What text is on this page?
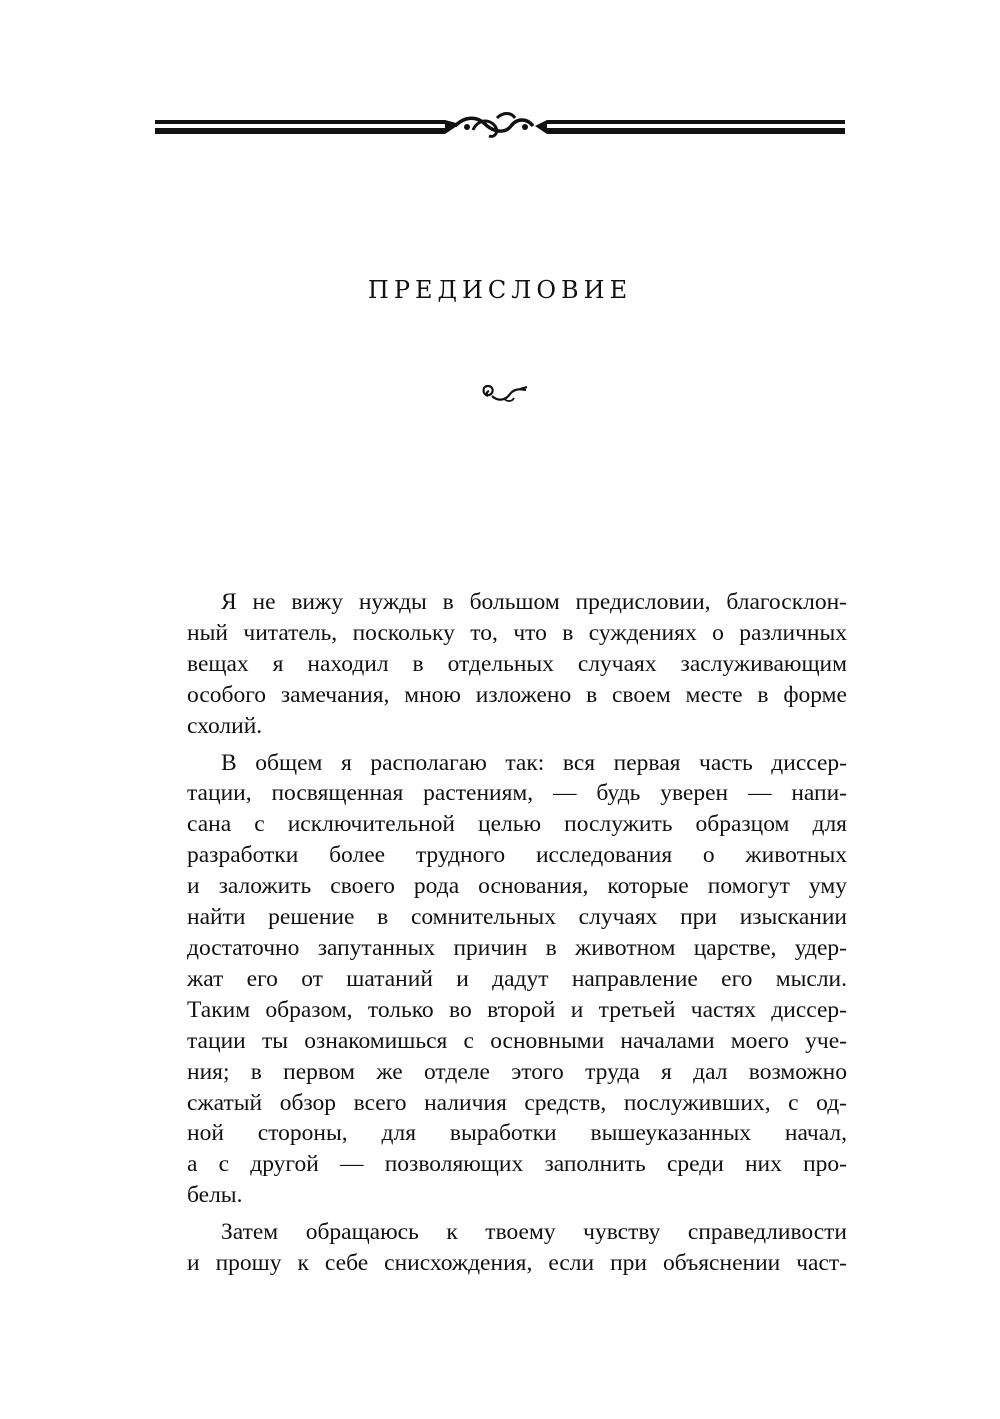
ПРЕДИСЛОВИЕ

Я не вижу нужды в большом предисловии, благосклон-
ный читатель, поскольку то, что в суждениях о различных
вещах я находил в отдельных случаях заслуживающим
особого замечания, мною изложено в своем месте в форме
схолий.

В общем я располагаю так: вся первая часть диссер-
тации, посвященная растениям, — будь уверен — напи-
сана с исключительной целью послужить образцом для
разработки более трудного исследования о животных
и заложить своего рода основания, которые помогут уму
найти решение в сомнительных случаях при изыскании
достаточно запутанных причин в животном царстве, удер-
жат его от шатаний и дадут направление его мысли.
Таким образом, только во второй и третьей частях диссер-
тации ты ознакомишься с основными началами моего уче-
ния; в первом же отделе этого труда я дал возможно
сжатый обзор всего наличия средств, послуживших, с од-
ной стороны, для выработки вышеуказанных начал,
а с другой — позволяющих заполнить среди них про-
белы.

Затем обращаюсь к твоему чувству справедливости
и прошу к себе снисхождения, если при объяснении част-
